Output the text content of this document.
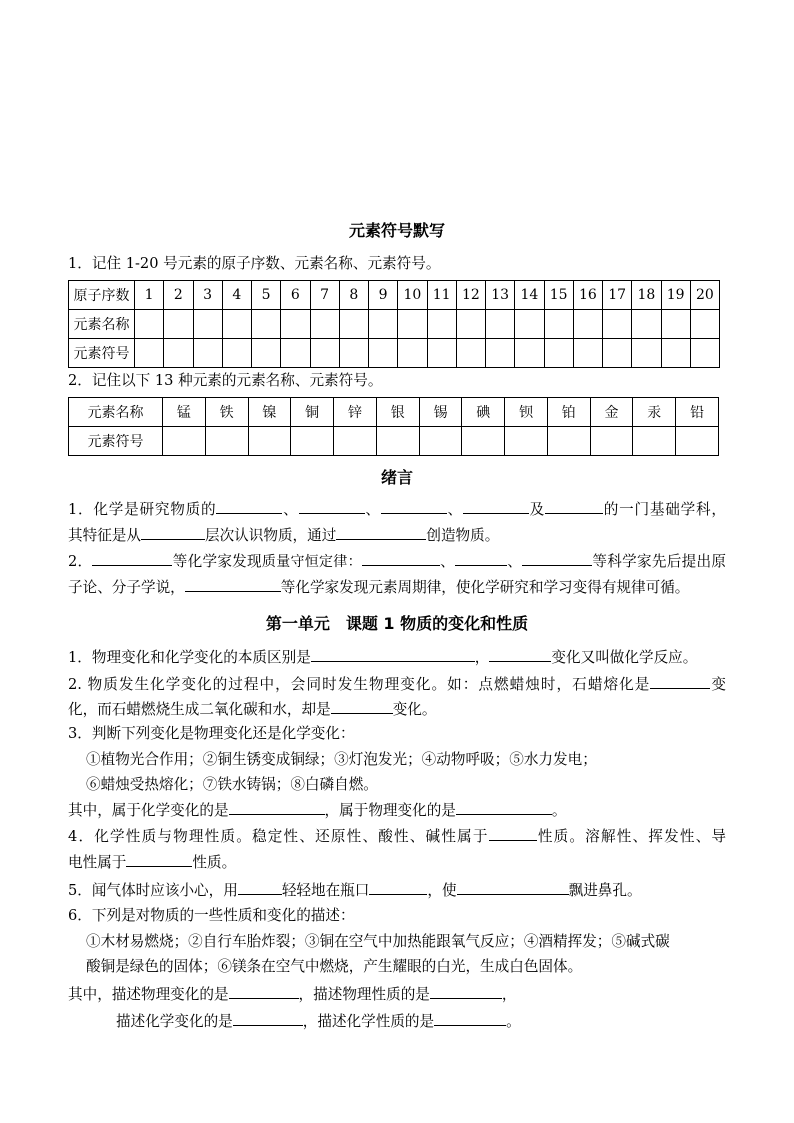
元素符号默写
1．记住 1-20 号元素的原子序数、元素名称、元素符号。
原子序数	1	2	3	4	5	6	7	8	9	10	11	12	13	14	15	16	17	18	19	20
元素名称																				
元素符号																				
2．记住以下 13 种元素的元素名称、元素符号。
元素名称	锰	铁	镍	铜	锌	银	锡	碘	钡	铂	金	汞	铅
元素符号													
绪言
1．化学是研究物质的	、	、	、	及	的一门基础学科，
其特征是从	层次认识物质，通过	创造物质。
2．	等化学家发现质量守恒定律：	、	、	等科学家先后提出原
子论、分子学说，	等化学家发现元素周期律，使化学研究和学习变得有规律可循。
第一单元　课题 1 物质的变化和性质
1．物理变化和化学变化的本质区别是	，	变化又叫做化学反应。
2. 物质发生化学变化的过程中，会同时发生物理变化。如：点燃蜡烛时，石蜡熔化是	变
化，而石蜡燃烧生成二氧化碳和水，却是	变化。
3．判断下列变化是物理变化还是化学变化：
①植物光合作用；②铜生锈变成铜绿；③灯泡发光；④动物呼吸；⑤水力发电；
⑥蜡烛受热熔化；⑦铁水铸锅；⑧白磷自燃。
其中，属于化学变化的是	，属于物理变化的是	。
4．化学性质与物理性质。稳定性、还原性、酸性、碱性属于	性质。溶解性、挥发性、导
电性属于	性质。
5．闻气体时应该小心，用	轻轻地在瓶口	，使	飘进鼻孔。
6．下列是对物质的一些性质和变化的描述：
①木材易燃烧；②自行车胎炸裂；③铜在空气中加热能跟氧气反应；④酒精挥发；⑤碱式碳
酸铜是绿色的固体；⑥镁条在空气中燃烧，产生耀眼的白光，生成白色固体。
其中，描述物理变化的是	，描述物理性质的是	，
描述化学变化的是	，描述化学性质的是	。
